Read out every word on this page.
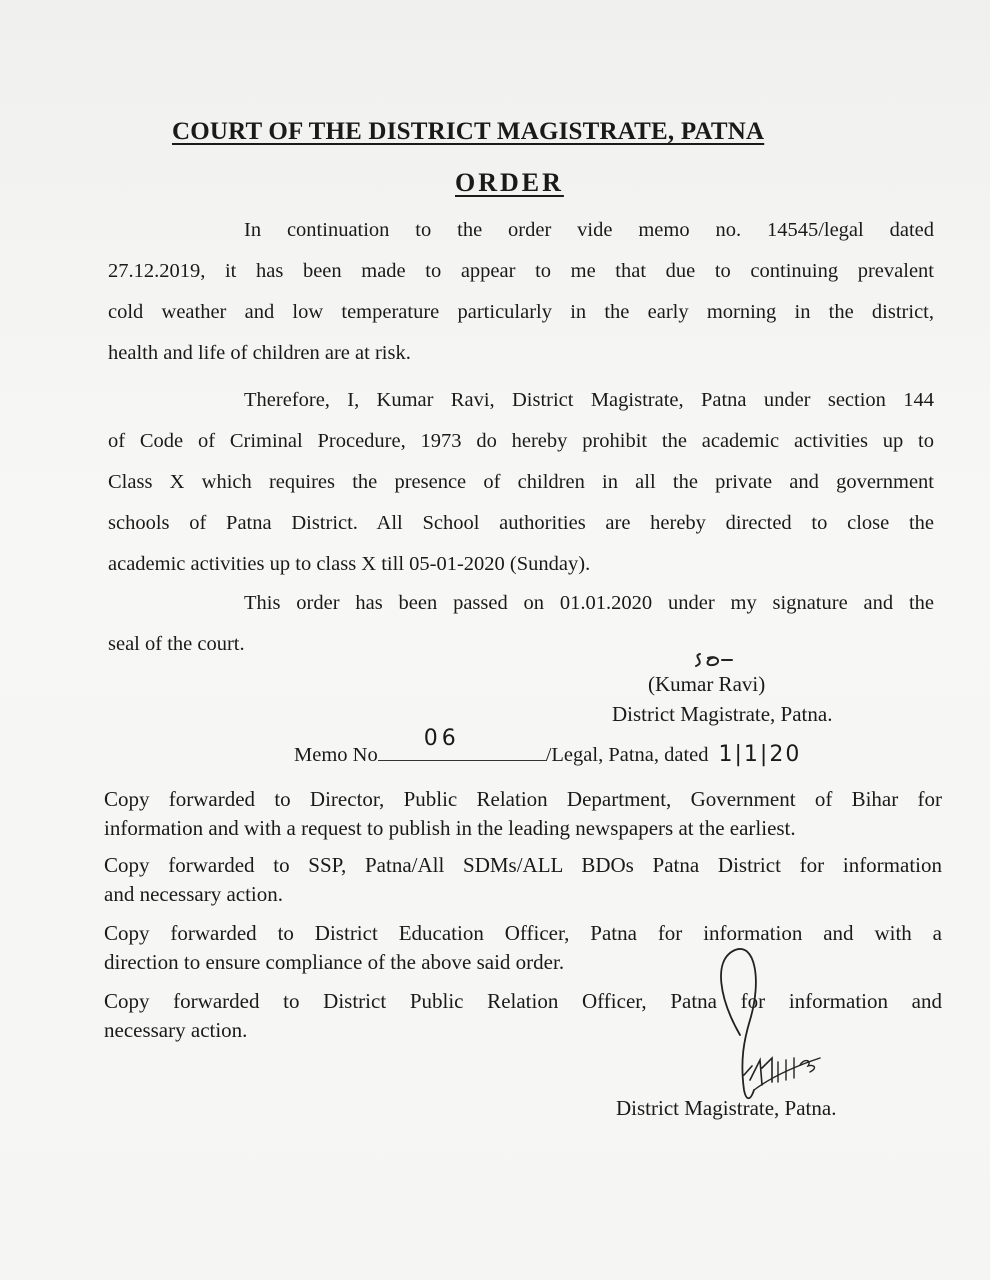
COURT OF THE DISTRICT MAGISTRATE, PATNA
ORDER
In continuation to the order vide memo no. 14545/legal dated
27.12.2019, it has been made to appear to me that due to continuing prevalent
cold weather and low temperature particularly in the early morning in the district,
health and life of children are at risk.
Therefore, I, Kumar Ravi, District Magistrate, Patna under section 144
of Code of Criminal Procedure, 1973 do hereby prohibit the academic activities up to
Class X which requires the presence of children in all the private and government
schools of Patna District. All School authorities are hereby directed to close the
academic activities up to class X till 05-01-2020 (Sunday).
This order has been passed on 01.01.2020 under my signature and the
seal of the court.
(Kumar Ravi)
District Magistrate, Patna.
Memo No
06
/Legal, Patna, dated 1|1|20
Copy forwarded to Director, Public Relation Department, Government of Bihar for
information and with a request to publish in the leading newspapers at the earliest.
Copy forwarded to SSP, Patna/All SDMs/ALL BDOs Patna District for information
and necessary action.
Copy forwarded to District Education Officer, Patna for information and with a
direction to ensure compliance of the above said order.
Copy forwarded to District Public Relation Officer, Patna for information and
necessary action.
District Magistrate, Patna.
